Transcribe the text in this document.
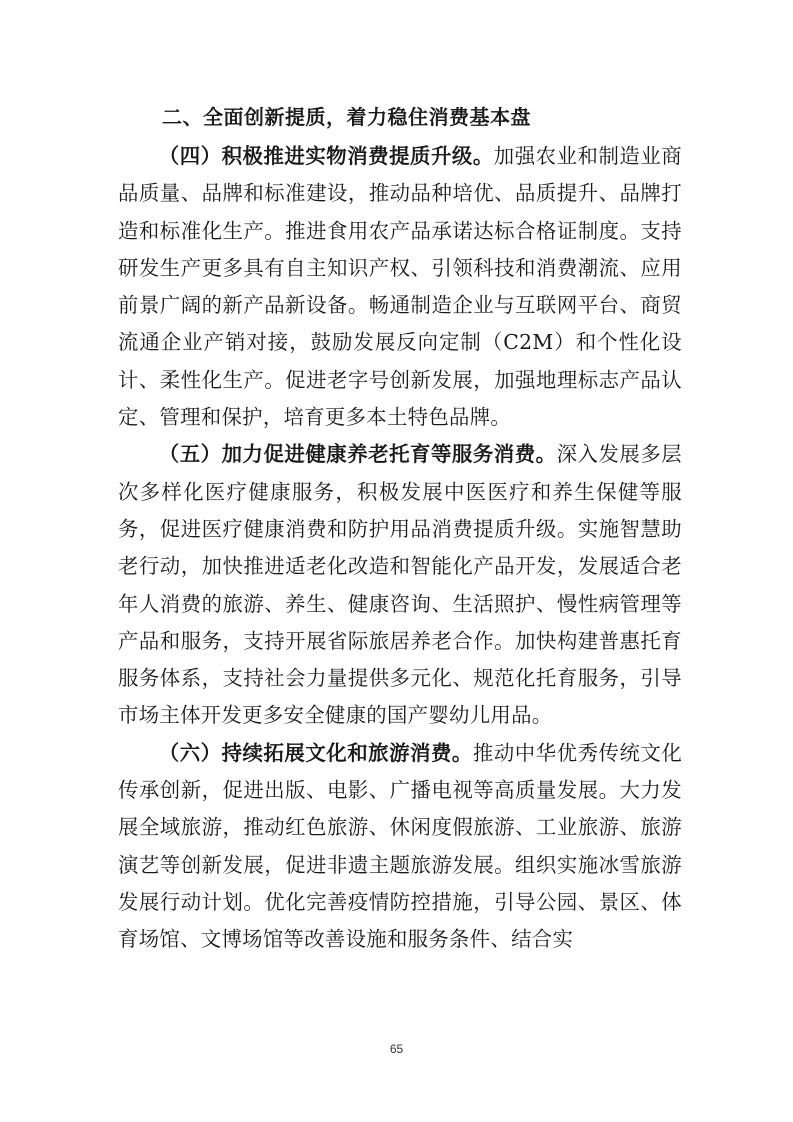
二、全面创新提质，着力稳住消费基本盘

（四）积极推进实物消费提质升级。加强农业和制造业商品质量、品牌和标准建设，推动品种培优、品质提升、品牌打造和标准化生产。推进食用农产品承诺达标合格证制度。支持研发生产更多具有自主知识产权、引领科技和消费潮流、应用前景广阔的新产品新设备。畅通制造企业与互联网平台、商贸流通企业产销对接，鼓励发展反向定制（C2M）和个性化设计、柔性化生产。促进老字号创新发展，加强地理标志产品认定、管理和保护，培育更多本土特色品牌。

（五）加力促进健康养老托育等服务消费。深入发展多层次多样化医疗健康服务，积极发展中医医疗和养生保健等服务，促进医疗健康消费和防护用品消费提质升级。实施智慧助老行动，加快推进适老化改造和智能化产品开发，发展适合老年人消费的旅游、养生、健康咨询、生活照护、慢性病管理等产品和服务，支持开展省际旅居养老合作。加快构建普惠托育服务体系，支持社会力量提供多元化、规范化托育服务，引导市场主体开发更多安全健康的国产婴幼儿用品。

（六）持续拓展文化和旅游消费。推动中华优秀传统文化传承创新，促进出版、电影、广播电视等高质量发展。大力发展全域旅游，推动红色旅游、休闲度假旅游、工业旅游、旅游演艺等创新发展，促进非遗主题旅游发展。组织实施冰雪旅游发展行动计划。优化完善疫情防控措施，引导公园、景区、体育场馆、文博场馆等改善设施和服务条件、结合实

65
